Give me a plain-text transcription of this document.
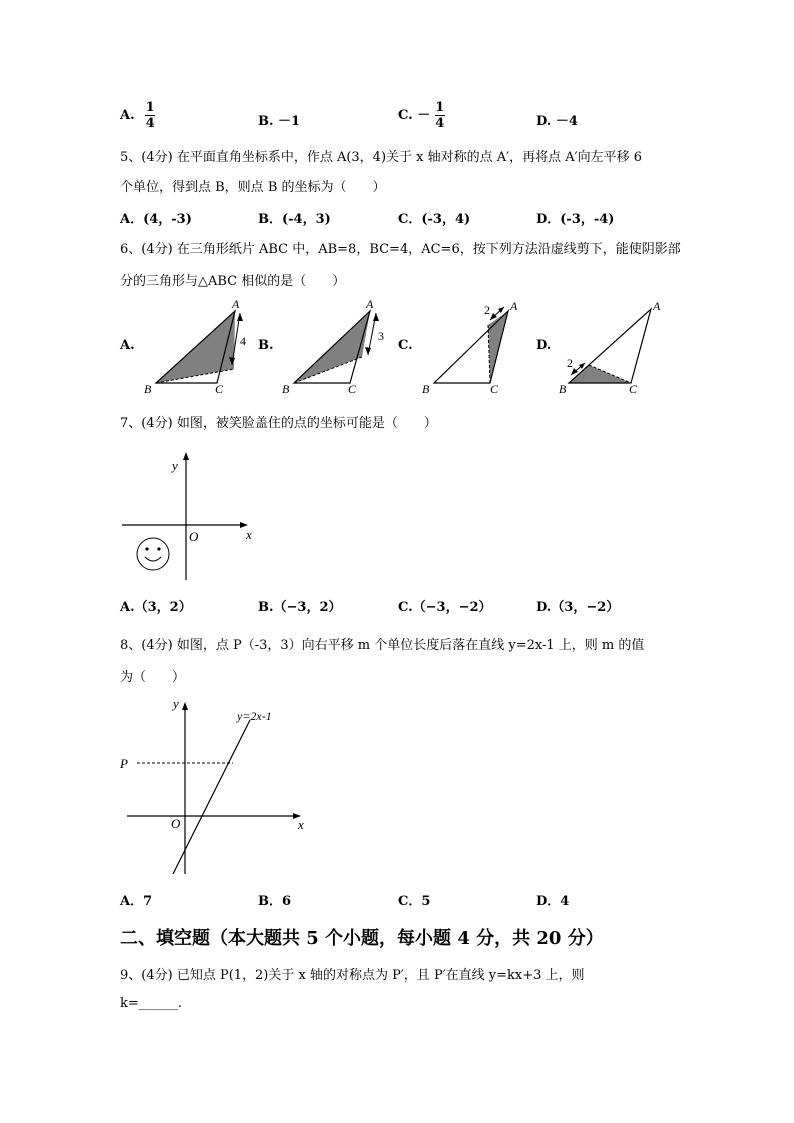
A. $\frac{1}{4}$	B. －1	C. － $\frac{1}{4}$	D. －4
5、(4分) 在平面直角坐标系中，作点 A(3，4)关于 x 轴对称的点 A′，再将点 A′向左平移 6
个单位，得到点 B，则点 B 的坐标为（　　）
A．(4，-3)	B．(-4，3)	C．(-3，4)	D．(-3，-4)
6、(4分) 在三角形纸片 ABC 中，AB=8，BC=4，AC=6，按下列方法沿虚线剪下，能使阴影部
分的三角形与△ABC 相似的是（　　）
A.	B.	C.	D.
A
B	C
4
A
B	C
3
A
B	C
2	A
B	C
2
7、(4分) 如图，被笑脸盖住的点的坐标可能是（　　）
y
x
O
A.（3，2）	B.（−3，2）	C.（−3，−2）	D.（3，−2）
8、(4分) 如图，点 P（-3，3）向右平移 m 个单位长度后落在直线 y=2x-1 上，则 m 的值
为（　　）
y
x
O
P
y=2x-1
A．7	B．6	C．5	D．4
二、填空题（本大题共 5 个小题，每小题 4 分，共 20 分）
9、(4分) 已知点 P(1，2)关于 x 轴的对称点为 P′，且 P′在直线 y=kx+3 上，则
k=______.
